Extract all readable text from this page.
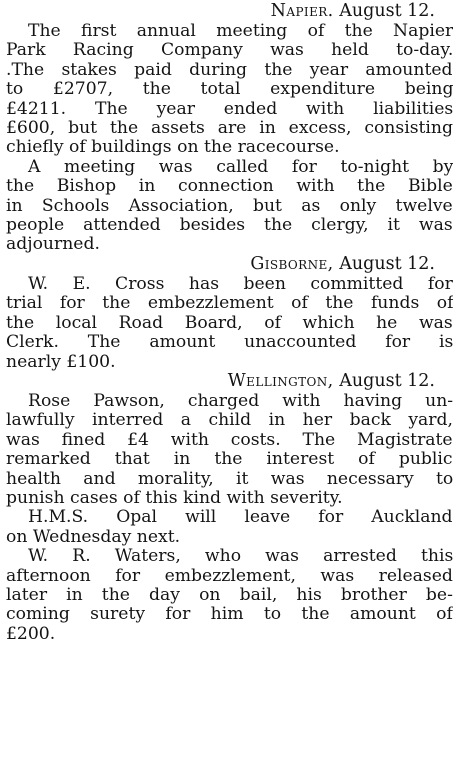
Napier. August 12.

The first annual meeting of the Napier
Park Racing Company was held to-day.
.The stakes paid during the year amounted
to £2707, the total expenditure being
£4211. The year ended with liabilities
£600, but the assets are in excess, consisting
chiefly of buildings on the racecourse.
A meeting was called for to-night by
the Bishop in connection with the Bible
in Schools Association, but as only twelve
people attended besides the clergy, it was
adjourned.

Gisborne, August 12.

W. E. Cross has been committed for
trial for the embezzlement of the funds of
the local Road Board, of which he was
Clerk. The amount unaccounted for is
nearly £100.

Wellington, August 12.

Rose Pawson, charged with having un-
lawfully interred a child in her back yard,
was fined £4 with costs. The Magistrate
remarked that in the interest of public
health and morality, it was necessary to
punish cases of this kind with severity.
H.M.S. Opal will leave for Auckland
on Wednesday next.
W. R. Waters, who was arrested this
afternoon for embezzlement, was released
later in the day on bail, his brother be-
coming surety for him to the amount of
£200.
